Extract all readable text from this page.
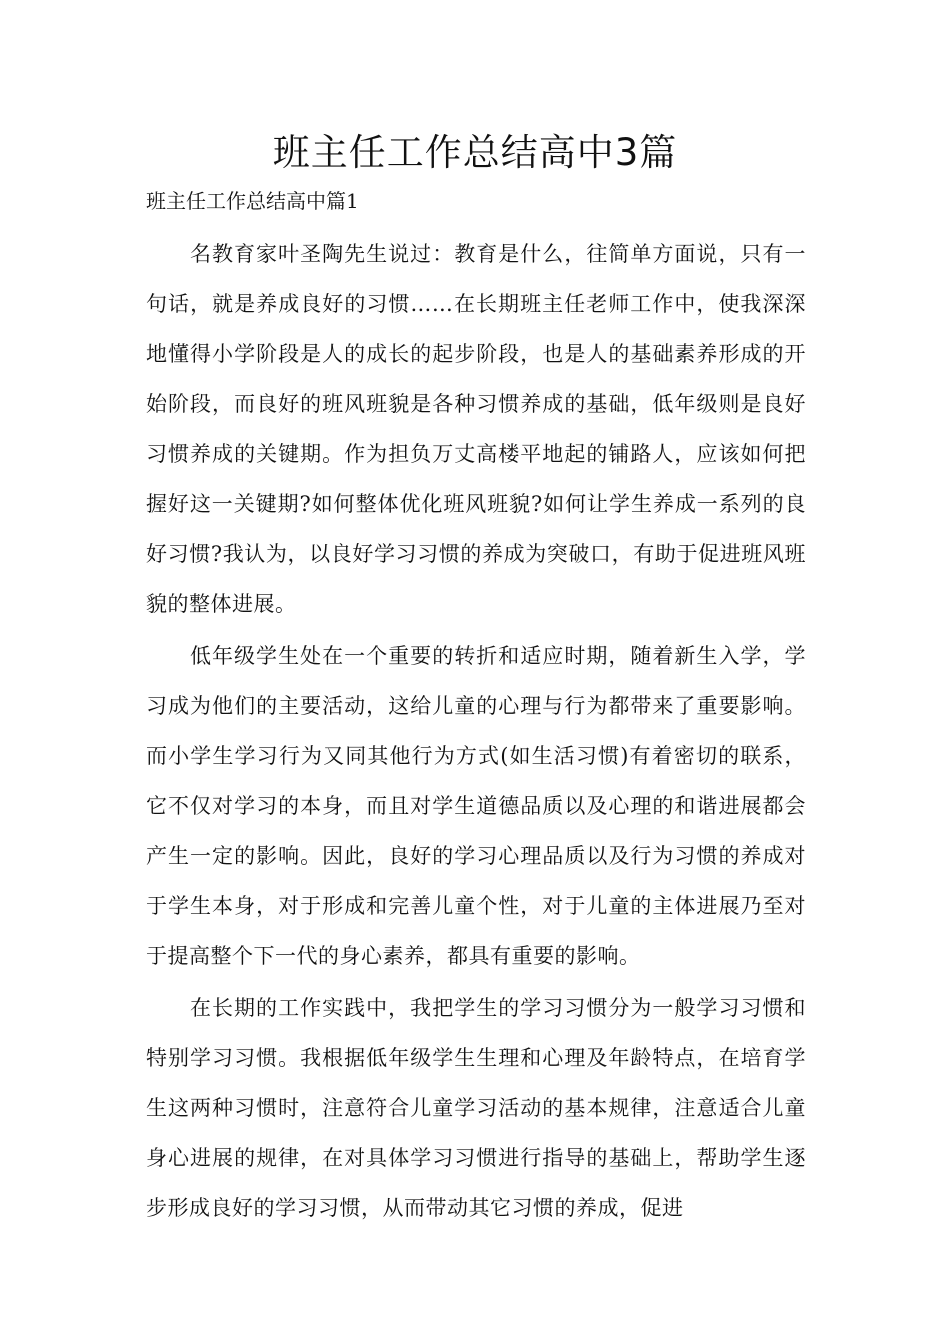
班主任工作总结高中3篇
班主任工作总结高中篇1

名教育家叶圣陶先生说过：教育是什么，往简单方面说，只有一句话，就是养成良好的习惯……在长期班主任老师工作中，使我深深地懂得小学阶段是人的成长的起步阶段，也是人的基础素养形成的开始阶段，而良好的班风班貌是各种习惯养成的基础，低年级则是良好习惯养成的关键期。作为担负万丈高楼平地起的铺路人，应该如何把握好这一关键期?如何整体优化班风班貌?如何让学生养成一系列的良好习惯?我认为，以良好学习习惯的养成为突破口，有助于促进班风班貌的整体进展。

低年级学生处在一个重要的转折和适应时期，随着新生入学，学习成为他们的主要活动，这给儿童的心理与行为都带来了重要影响。而小学生学习行为又同其他行为方式(如生活习惯)有着密切的联系，它不仅对学习的本身，而且对学生道德品质以及心理的和谐进展都会产生一定的影响。因此，良好的学习心理品质以及行为习惯的养成对于学生本身，对于形成和完善儿童个性，对于儿童的主体进展乃至对于提高整个下一代的身心素养，都具有重要的影响。

在长期的工作实践中，我把学生的学习习惯分为一般学习习惯和特别学习习惯。我根据低年级学生生理和心理及年龄特点，在培育学生这两种习惯时，注意符合儿童学习活动的基本规律，注意适合儿童身心进展的规律，在对具体学习习惯进行指导的基础上，帮助学生逐步形成良好的学习习惯，从而带动其它习惯的养成，促进
